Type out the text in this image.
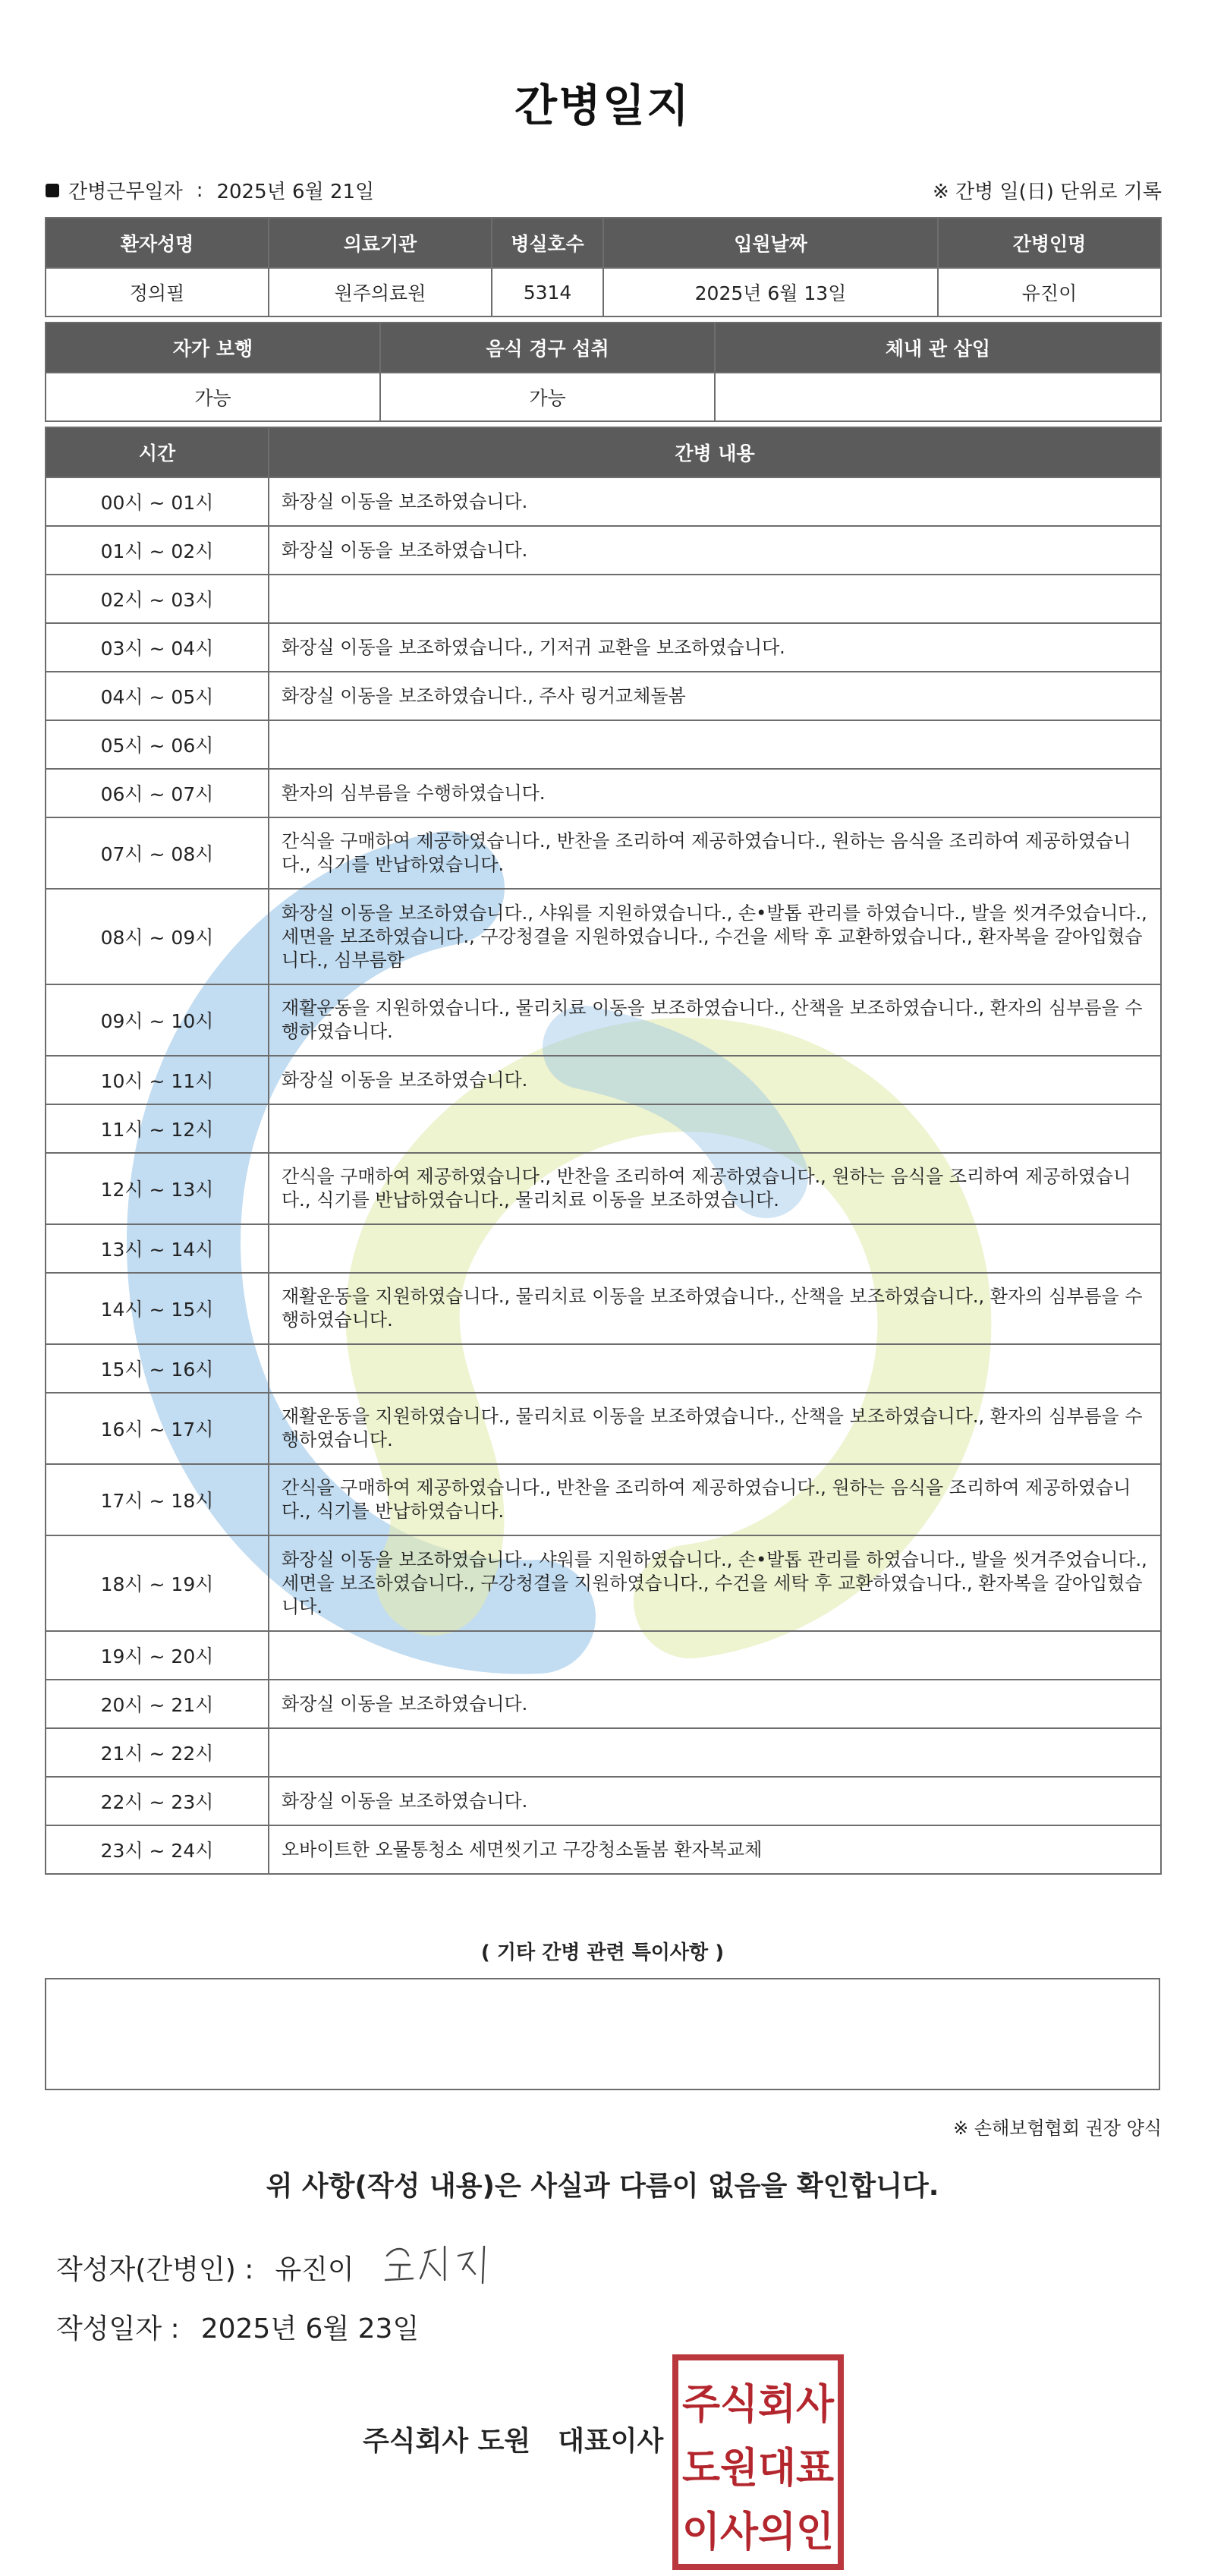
간병일지
간병근무일자 : 2025년 6월 21일	※ 간병 일(日) 단위로 기록
환자성명	의료기관	병실호수	입원날짜	간병인명
정의필	원주의료원	5314	2025년 6월 13일	유진이
자가 보행	음식 경구 섭취	체내 관 삽입
가능	가능	
시간	간병 내용
00시 ~ 01시	화장실 이동을 보조하였습니다.
01시 ~ 02시	화장실 이동을 보조하였습니다.
02시 ~ 03시	
03시 ~ 04시	화장실 이동을 보조하였습니다., 기저귀 교환을 보조하였습니다.
04시 ~ 05시	화장실 이동을 보조하였습니다., 주사 링거교체돌봄
05시 ~ 06시	
06시 ~ 07시	환자의 심부름을 수행하였습니다.
07시 ~ 08시	간식을 구매하여 제공하였습니다., 반찬을 조리하여 제공하였습니다., 원하는 음식을 조리하여 제공하였습니다., 식기를 반납하였습니다.
08시 ~ 09시	화장실 이동을 보조하였습니다., 샤워를 지원하였습니다., 손•발톱 관리를 하였습니다., 발을 씻겨주었습니다., 세면을 보조하였습니다., 구강청결을 지원하였습니다., 수건을 세탁 후 교환하였습니다., 환자복을 갈아입혔습니다., 심부름함
09시 ~ 10시	재활운동을 지원하였습니다., 물리치료 이동을 보조하였습니다., 산책을 보조하였습니다., 환자의 심부름을 수행하였습니다.
10시 ~ 11시	화장실 이동을 보조하였습니다.
11시 ~ 12시	
12시 ~ 13시	간식을 구매하여 제공하였습니다., 반찬을 조리하여 제공하였습니다., 원하는 음식을 조리하여 제공하였습니다., 식기를 반납하였습니다., 물리치료 이동을 보조하였습니다.
13시 ~ 14시	
14시 ~ 15시	재활운동을 지원하였습니다., 물리치료 이동을 보조하였습니다., 산책을 보조하였습니다., 환자의 심부름을 수행하였습니다.
15시 ~ 16시	
16시 ~ 17시	재활운동을 지원하였습니다., 물리치료 이동을 보조하였습니다., 산책을 보조하였습니다., 환자의 심부름을 수행하였습니다.
17시 ~ 18시	간식을 구매하여 제공하였습니다., 반찬을 조리하여 제공하였습니다., 원하는 음식을 조리하여 제공하였습니다., 식기를 반납하였습니다.
18시 ~ 19시	화장실 이동을 보조하였습니다., 샤워를 지원하였습니다., 손•발톱 관리를 하였습니다., 발을 씻겨주었습니다., 세면을 보조하였습니다., 구강청결을 지원하였습니다., 수건을 세탁 후 교환하였습니다., 환자복을 갈아입혔습니다.
19시 ~ 20시	
20시 ~ 21시	화장실 이동을 보조하였습니다.
21시 ~ 22시	
22시 ~ 23시	화장실 이동을 보조하였습니다.
23시 ~ 24시	오바이트한 오물통청소 세면씻기고 구강청소돌봄 환자복교체
( 기타 간병 관련 특이사항 )
※ 손해보험협회 권장 양식
위 사항(작성 내용)은 사실과 다름이 없음을 확인합니다.
작성자(간병인) : 유진이
작성일자 : 2025년 6월 23일
주식회사 도원 대표이사
주식회사
도원대표
이사의인
